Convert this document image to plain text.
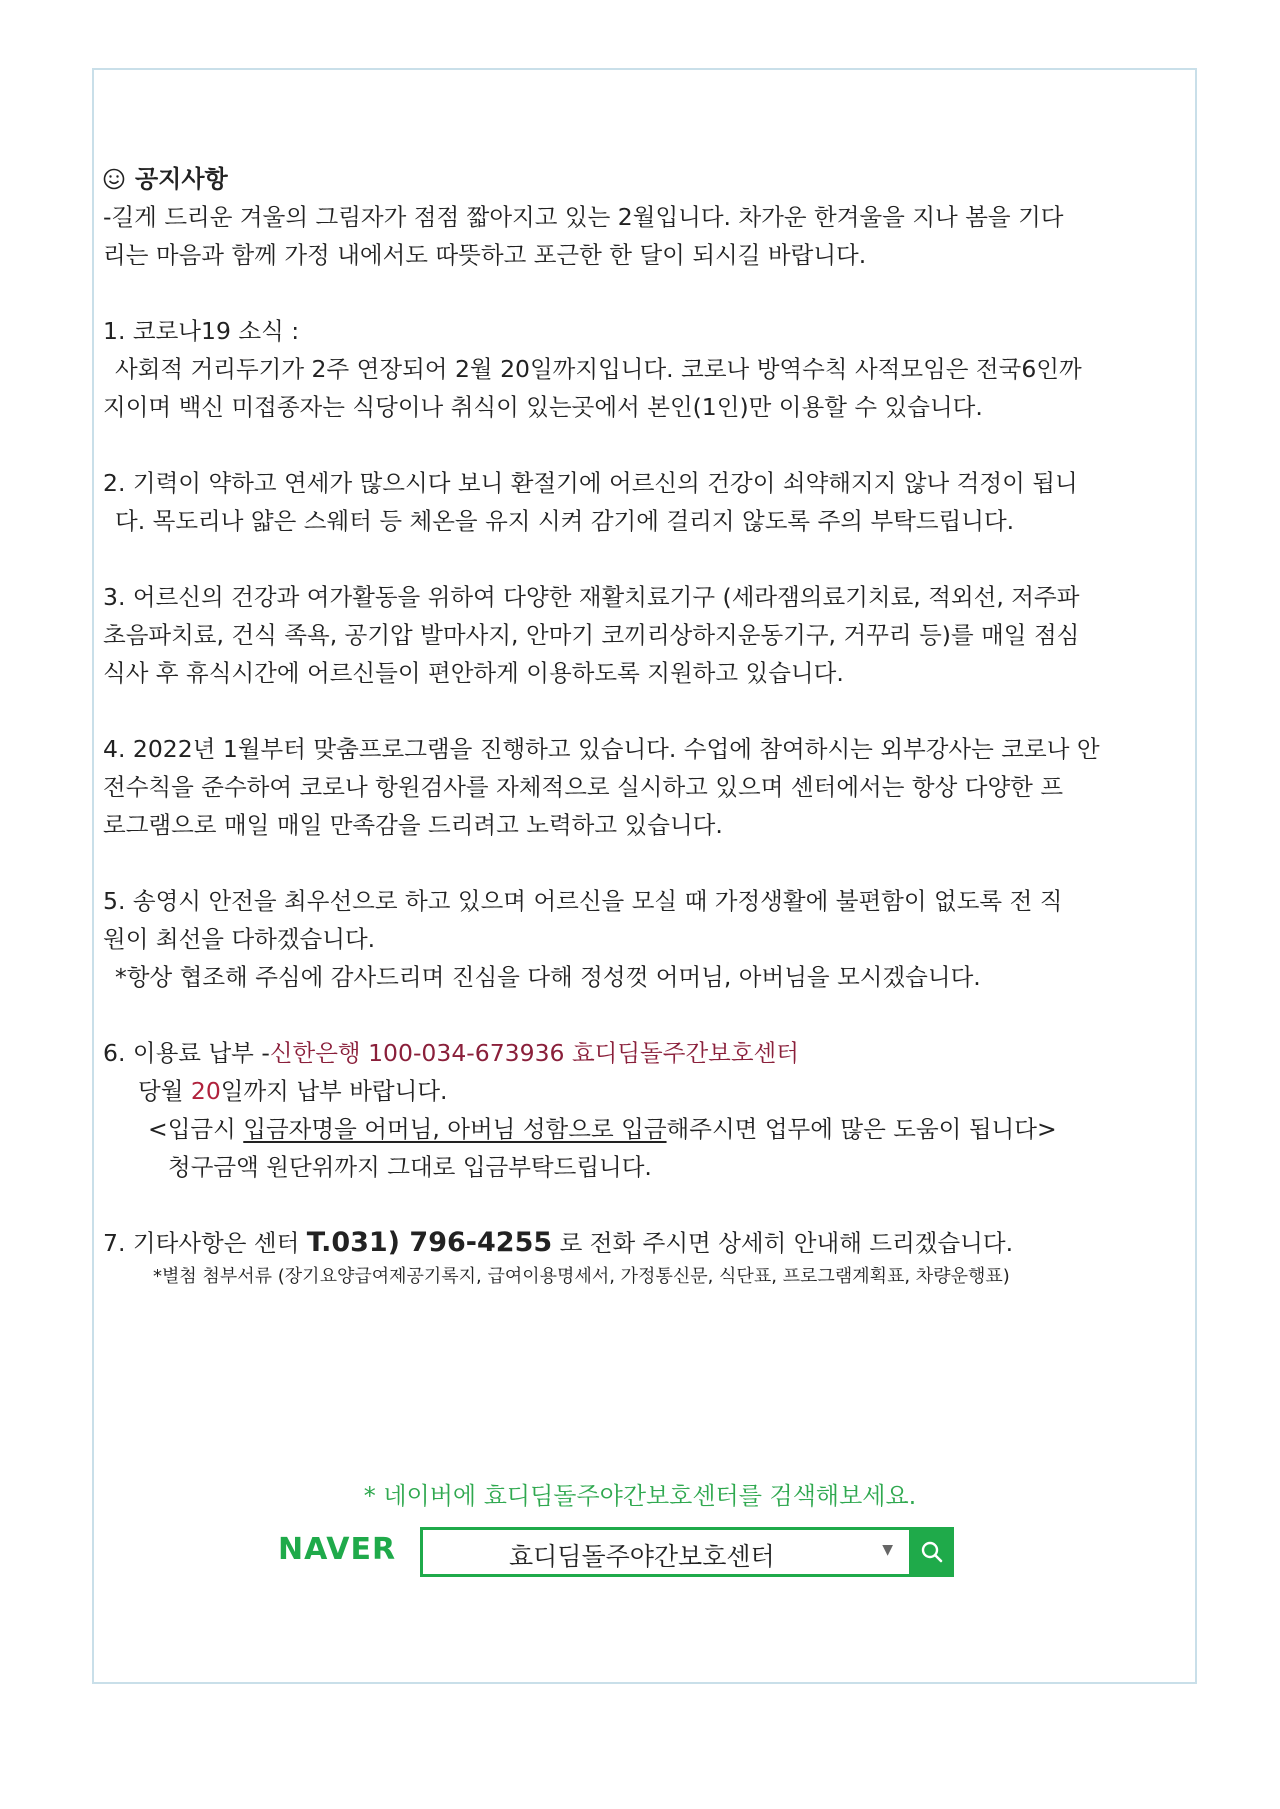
공지사항

-길게 드리운 겨울의 그림자가 점점 짧아지고 있는 2월입니다. 차가운 한겨울을 지나 봄을 기다

리는 마음과 함께 가정 내에서도 따뜻하고 포근한 한 달이 되시길 바랍니다.

1. 코로나19 소식 :

사회적 거리두기가 2주 연장되어 2월 20일까지입니다. 코로나 방역수칙 사적모임은 전국6인까

지이며 백신 미접종자는 식당이나 취식이 있는곳에서 본인(1인)만 이용할 수 있습니다.

2. 기력이 약하고 연세가 많으시다 보니 환절기에 어르신의 건강이 쇠약해지지 않나 걱정이 됩니

다. 목도리나 얇은 스웨터 등 체온을 유지 시켜 감기에 걸리지 않도록 주의 부탁드립니다.

3. 어르신의 건강과 여가활동을 위하여 다양한 재활치료기구 (세라잼의료기치료, 적외선, 저주파

초음파치료, 건식 족욕, 공기압 발마사지, 안마기 코끼리상하지운동기구, 거꾸리 등)를 매일 점심

식사 후 휴식시간에 어르신들이 편안하게 이용하도록 지원하고 있습니다.

4. 2022년 1월부터 맞춤프로그램을 진행하고 있습니다. 수업에 참여하시는 외부강사는 코로나 안

전수칙을 준수하여 코로나 항원검사를 자체적으로 실시하고 있으며 센터에서는 항상 다양한 프

로그램으로 매일 매일 만족감을 드리려고 노력하고 있습니다.

5. 송영시 안전을 최우선으로 하고 있으며 어르신을 모실 때 가정생활에 불편함이 없도록 전 직

원이 최선을 다하겠습니다.

*항상 협조해 주심에 감사드리며 진심을 다해 정성껏 어머님, 아버님을 모시겠습니다.

6. 이용료 납부 -신한은행 100-034-673936 효디딤돌주간보호센터

당월 20일까지 납부 바랍니다.

<입금시 입금자명을 어머님, 아버님 성함으로 입금해주시면 업무에 많은 도움이 됩니다>

청구금액 원단위까지 그대로 입금부탁드립니다.

7. 기타사항은 센터 T.031) 796-4255 로 전화 주시면 상세히 안내해 드리겠습니다.

*별첨 첨부서류 (장기요양급여제공기록지, 급여이용명세서, 가정통신문, 식단표, 프로그램계획표, 차량운행표)

* 네이버에 효디딤돌주야간보호센터를 검색해보세요.
NAVER	효디딤돌주야간보호센터	▼
